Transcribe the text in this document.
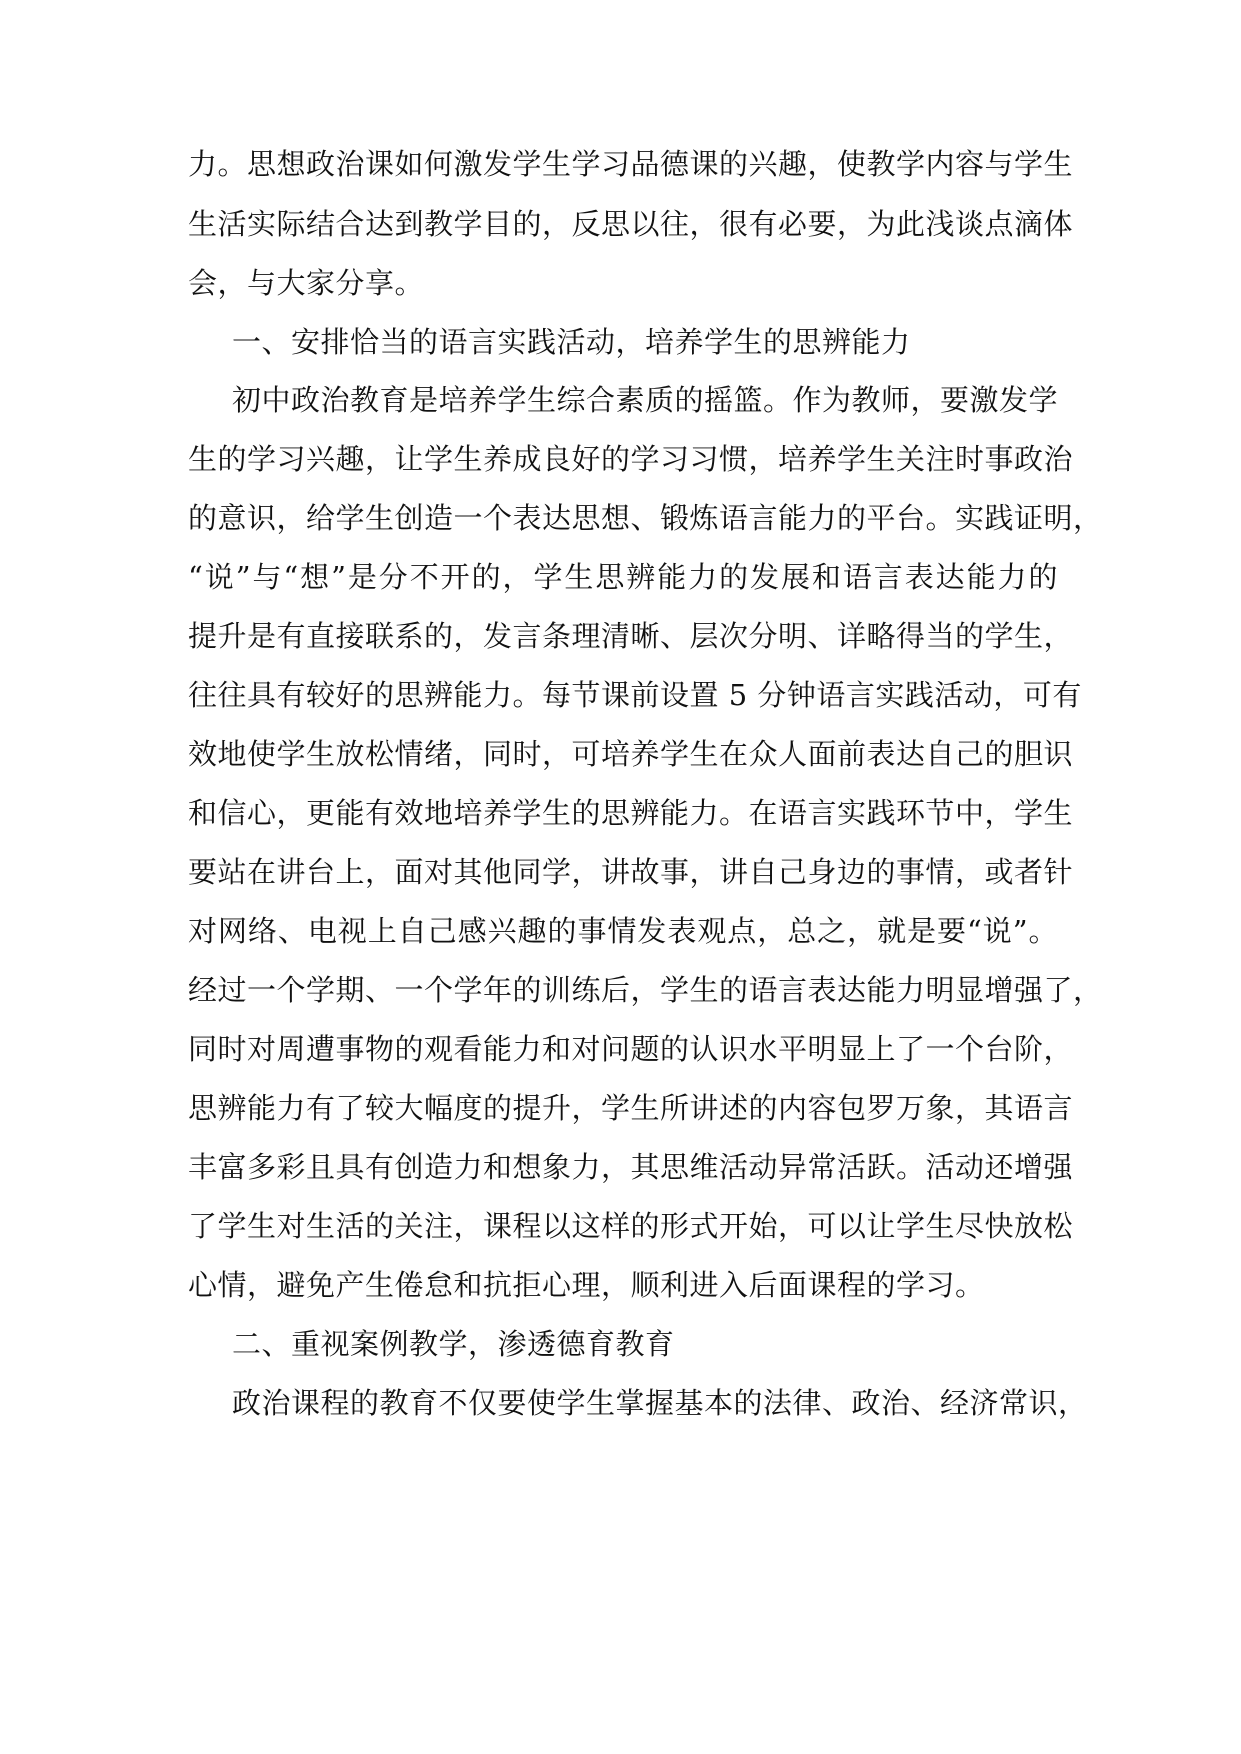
力。思想政治课如何激发学生学习品德课的兴趣，使教学内容与学生
生活实际结合达到教学目的，反思以往，很有必要，为此浅谈点滴体
会，与大家分享。
一、安排恰当的语言实践活动，培养学生的思辨能力
初中政治教育是培养学生综合素质的摇篮。作为教师，要激发学
生的学习兴趣，让学生养成良好的学习习惯，培养学生关注时事政治
的意识，给学生创造一个表达思想、锻炼语言能力的平台。实践证明，
“说”与“想”是分不开的，学生思辨能力的发展和语言表达能力的
提升是有直接联系的，发言条理清晰、层次分明、详略得当的学生，
往往具有较好的思辨能力。每节课前设置 5 分钟语言实践活动，可有
效地使学生放松情绪，同时，可培养学生在众人面前表达自己的胆识
和信心，更能有效地培养学生的思辨能力。在语言实践环节中，学生
要站在讲台上，面对其他同学，讲故事，讲自己身边的事情，或者针
对网络、电视上自己感兴趣的事情发表观点，总之，就是要“说”。
经过一个学期、一个学年的训练后，学生的语言表达能力明显增强了，
同时对周遭事物的观看能力和对问题的认识水平明显上了一个台阶，
思辨能力有了较大幅度的提升，学生所讲述的内容包罗万象，其语言
丰富多彩且具有创造力和想象力，其思维活动异常活跃。活动还增强
了学生对生活的关注，课程以这样的形式开始，可以让学生尽快放松
心情，避免产生倦怠和抗拒心理，顺利进入后面课程的学习。
二、重视案例教学，渗透德育教育
政治课程的教育不仅要使学生掌握基本的法律、政治、经济常识，
